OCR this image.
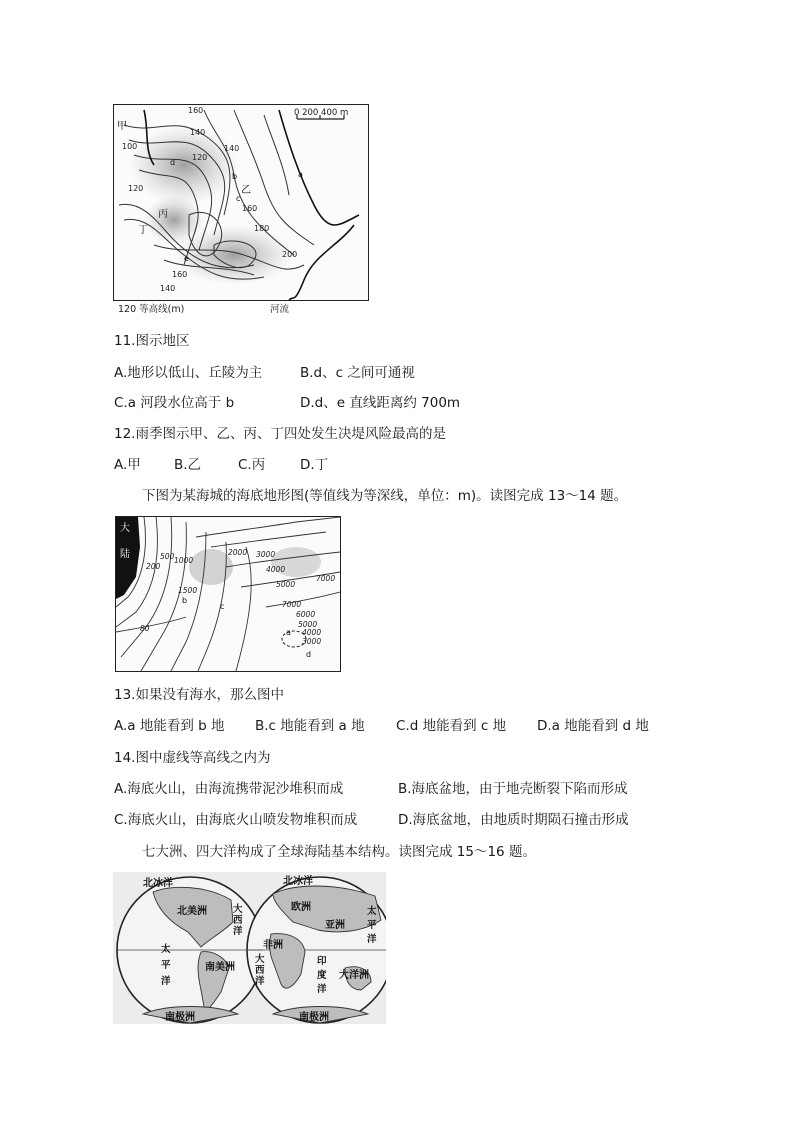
0 200 400 m
甲
乙
丙
丁
a
b
c
d
e
160
140
100
120
120
140
160
180
200
160
140
120 等高线(m)	河流
11.图示地区
A.地形以低山、丘陵为主	B.d、c 之间可通视
C.a 河段水位高于 b	D.d、e 直线距离约 700m
12.雨季图示甲、乙、丙、丁四处发生决堤风险最高的是
A.甲 B.乙	C.丙	D.丁
下图为某海城的海底地形图(等值线为等深线，单位：m)。读图完成 13～14 题。
大
陆
200
500 1000
1500
2000 3000
4000
5000
7000
7000
6000
5000
4000
3000
80
b
c
a
d
13.如果没有海水，那么图中
A.a 地能看到 b 地 B.c 地能看到 a 地 C.d 地能看到 c 地 D.a 地能看到 d 地
14.图中虚线等高线之内为
A.海底火山，由海流携带泥沙堆积而成	B.海底盆地，由于地壳断裂下陷而形成
C.海底火山，由海底火山喷发物堆积而成	D.海底盆地，由地质时期陨石撞击形成
七大洲、四大洋构成了全球海陆基本结构。读图完成 15～16 题。
北冰洋
北美洲	大西洋
太平洋
南美洲
南极洲
北冰洋
欧洲
亚洲
太平洋
非洲
大西洋
印度洋
大洋洲
南极洲
